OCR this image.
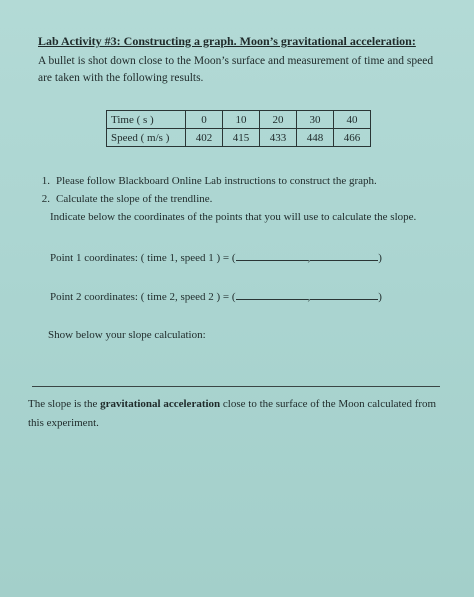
Lab Activity #3: Constructing a graph. Moon’s gravitational acceleration:
A bullet is shot down close to the Moon’s surface and measurement of time and speed are taken with the following results.
Time ( s )	0	10	20	30	40
Speed ( m/s )	402	415	433	448	466
1. Please follow Blackboard Online Lab instructions to construct the graph.
2. Calculate the slope of the trendline.
Indicate below the coordinates of the points that you will use to calculate the slope.
Point 1 coordinates: ( time 1, speed 1 ) = (	,	)
Point 2 coordinates: ( time 2, speed 2 ) = (	,	)
Show below your slope calculation:
The slope is the gravitational acceleration close to the surface of the Moon calculated from this experiment.
